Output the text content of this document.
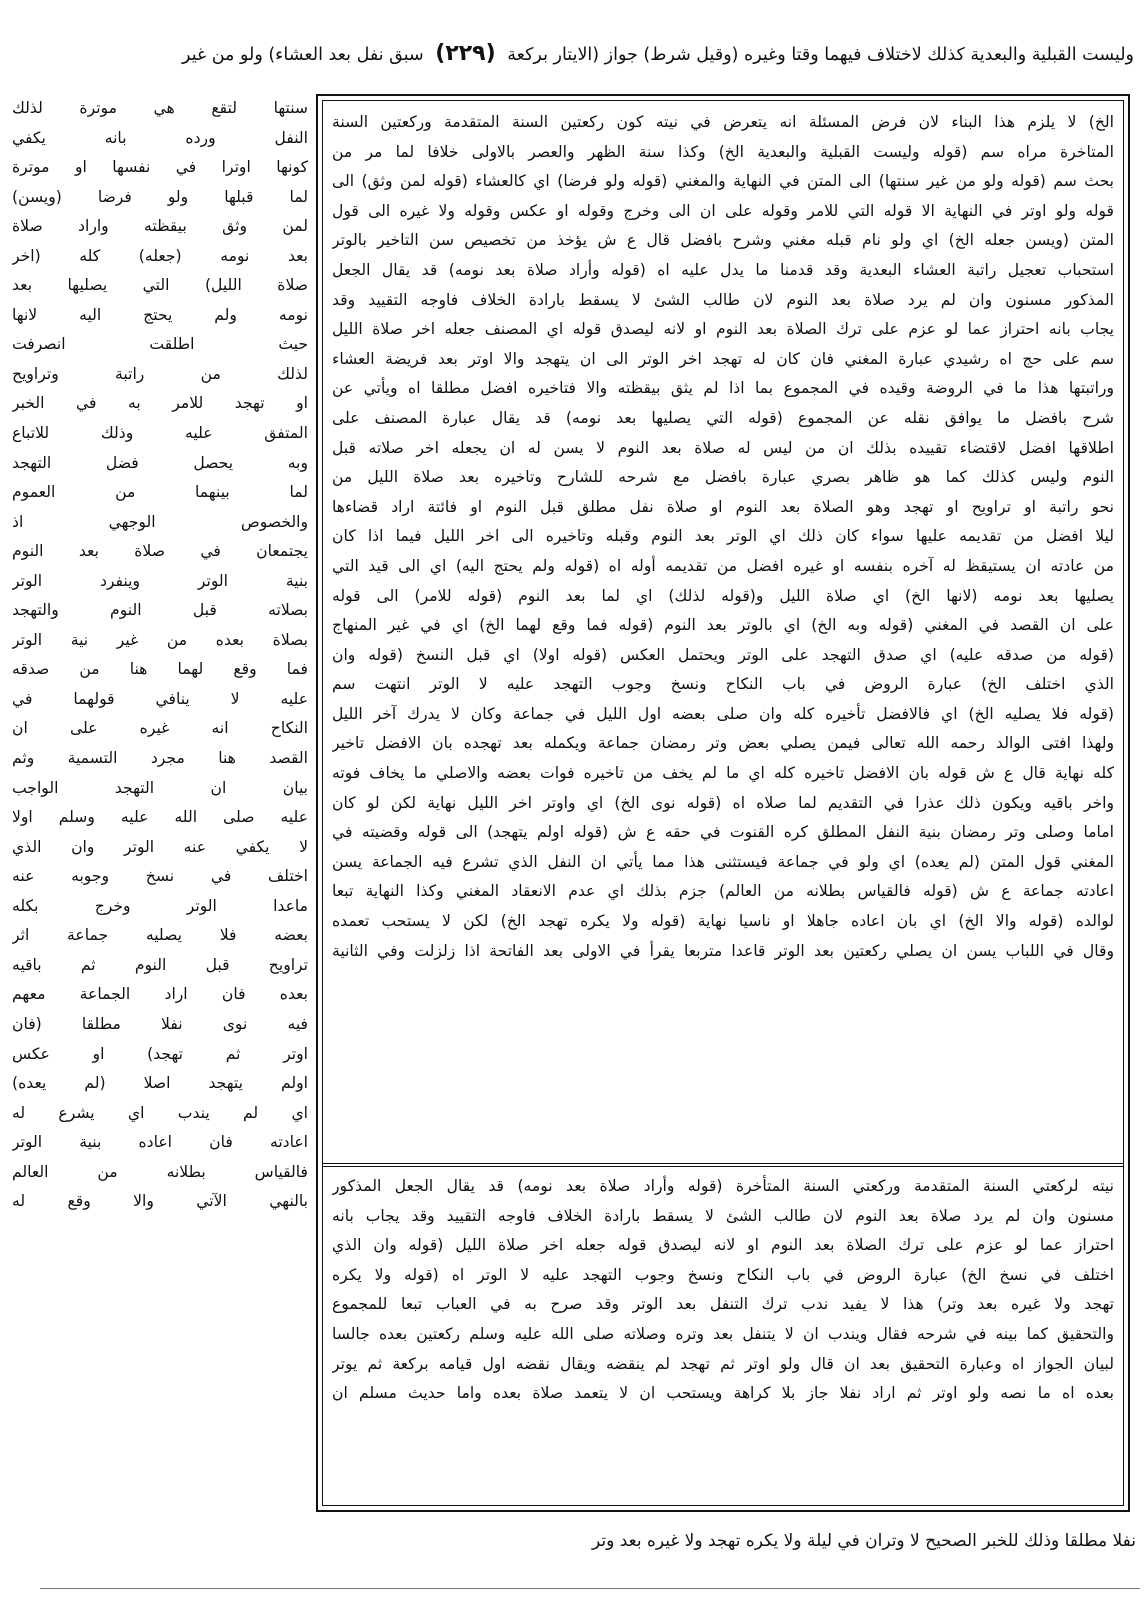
وليست القبلية والبعدية كذلك لاختلاف فيهما وقتا وغيره (وقيل شرط) جواز (الايتار بركعة (٢٢٩) سبق نفل بعد العشاء) ولو من غير
الخ) لا يلزم هذا البناء لان فرض المسئلة انه يتعرض في نيته كون ركعتين السنة المتقدمة وركعتين السنة
المتاخرة مراه سم (قوله وليست القبلية والبعدية الخ) وكذا سنة الظهر والعصر بالاولى خلافا لما مر من
بحث سم (قوله ولو من غير سنتها) الى المتن في النهاية والمغني (قوله ولو فرضا) اي كالعشاء (قوله لمن وثق) الى
قوله ولو اوتر في النهاية الا قوله التي للامر وقوله على ان الى وخرج وقوله او عكس وقوله ولا غيره الى قول
المتن (ويسن جعله الخ) اي ولو نام قبله مغني وشرح بافضل قال ع ش يؤخذ من تخصيص سن التاخير بالوتر
استحباب تعجيل راتبة العشاء البعدية وقد قدمنا ما يدل عليه اه (قوله وأراد صلاة بعد نومه) قد يقال الجعل
المذكور مسنون وان لم يرد صلاة بعد النوم لان طالب الشئ لا يسقط بارادة الخلاف فاوجه التقييد وقد
يجاب بانه احتراز عما لو عزم على ترك الصلاة بعد النوم او لانه ليصدق قوله اي المصنف جعله اخر صلاة الليل
سم على حج اه رشيدي عبارة المغني فان كان له تهجد اخر الوتر الى ان يتهجد والا اوتر بعد فريضة العشاء
وراتبتها هذا ما في الروضة وقيده في المجموع بما اذا لم يثق بيقظته والا فتاخيره افضل مطلقا اه ويأتي عن
شرح بافضل ما يوافق نقله عن المجموع (قوله التي يصليها بعد نومه) قد يقال عبارة المصنف على
اطلاقها افضل لاقتضاء تقييده بذلك ان من ليس له صلاة بعد النوم لا يسن له ان يجعله اخر صلاته قبل
النوم وليس كذلك كما هو ظاهر بصري عبارة بافضل مع شرحه للشارح وتاخيره بعد صلاة الليل من
نحو راتبة او تراويح او تهجد وهو الصلاة بعد النوم او صلاة نفل مطلق قبل النوم او فائتة اراد قضاءها
ليلا افضل من تقديمه عليها سواء كان ذلك اي الوتر بعد النوم وقبله وتاخيره الى اخر الليل فيما اذا كان
من عادته ان يستيقظ له آخره بنفسه او غيره افضل من تقديمه أوله اه (قوله ولم يحتج اليه) اي الى قيد التي
يصليها بعد نومه (لانها الخ) اي صلاة الليل و(قوله لذلك) اي لما بعد النوم (قوله للامر) الى قوله
على ان القصد في المغني (قوله وبه الخ) اي بالوتر بعد النوم (قوله فما وقع لهما الخ) اي في غير المنهاج
(قوله من صدقه عليه) اي صدق التهجد على الوتر ويحتمل العكس (قوله اولا) اي قبل النسخ (قوله وان
الذي اختلف الخ) عبارة الروض في باب النكاح ونسخ وجوب التهجد عليه لا الوتر انتهت سم
(قوله فلا يصليه الخ) اي فالافضل تأخيره كله وان صلى بعضه اول الليل في جماعة وكان لا يدرك آخر الليل
ولهذا افتى الوالد رحمه الله تعالى فيمن يصلي بعض وتر رمضان جماعة ويكمله بعد تهجده بان الافضل تاخير
كله نهاية قال ع ش قوله بان الافضل تاخيره كله اي ما لم يخف من تاخيره فوات بعضه والاصلي ما يخاف فوته
واخر باقيه ويكون ذلك عذرا في التقديم لما صلاه اه (قوله نوى الخ) اي واوتر اخر الليل نهاية لكن لو كان
اماما وصلى وتر رمضان بنية النفل المطلق كره القنوت في حقه ع ش (قوله اولم يتهجد) الى قوله وقضيته في
المغني قول المتن (لم يعده) اي ولو في جماعة فيستثنى هذا مما يأتي ان النفل الذي تشرع فيه الجماعة يسن
اعادته جماعة ع ش (قوله فالقياس بطلانه من العالم) جزم بذلك اي عدم الانعقاد المغني وكذا النهاية تبعا
لوالده (قوله والا الخ) اي بان اعاده جاهلا او ناسيا نهاية (قوله ولا يكره تهجد الخ) لكن لا يستحب تعمده
وقال في اللباب يسن ان يصلي ركعتين بعد الوتر قاعدا متربعا يقرأ في الاولى بعد الفاتحة اذا زلزلت وفي الثانية
نيته لركعتي السنة المتقدمة وركعتي السنة المتأخرة (قوله وأراد صلاة بعد نومه) قد يقال الجعل المذكور
مسنون وان لم يرد صلاة بعد النوم لان طالب الشئ لا يسقط بارادة الخلاف فاوجه التقييد وقد يجاب بانه
احتراز عما لو عزم على ترك الصلاة بعد النوم او لانه ليصدق قوله جعله اخر صلاة الليل (قوله وان الذي
اختلف في نسخ الخ) عبارة الروض في باب النكاح ونسخ وجوب التهجد عليه لا الوتر اه (قوله ولا يكره
تهجد ولا غيره بعد وتر) هذا لا يفيد ندب ترك التنفل بعد الوتر وقد صرح به في العباب تبعا للمجموع
والتحقيق كما بينه في شرحه فقال ويندب ان لا يتنفل بعد وتره وصلاته صلى الله عليه وسلم ركعتين بعده جالسا
لبيان الجواز اه وعبارة التحقيق بعد ان قال ولو اوتر ثم تهجد لم ينقضه ويقال نقضه اول قيامه بركعة ثم يوتر
بعده اه ما نصه ولو اوتر ثم اراد نفلا جاز بلا كراهة ويستحب ان لا يتعمد صلاة بعده واما حديث مسلم ان
سنتها لتقع هي موترة لذلك
النفل ورده بانه يكفي
كونها اوترا في نفسها او موترة
لما قبلها ولو فرضا (ويسن)
لمن وثق بيقظته واراد صلاة
بعد نومه (جعله) كله (اخر
صلاة الليل) التي يصليها بعد
نومه ولم يحتج اليه لانها
حيث اطلقت انصرفت
لذلك من راتبة وتراويح
او تهجد للامر به في الخبر
المتفق عليه وذلك للاتباع
وبه يحصل فضل التهجد
لما بينهما من العموم
والخصوص الوجهي اذ
يجتمعان في صلاة بعد النوم
بنية الوتر وينفرد الوتر
بصلاته قبل النوم والتهجد
بصلاة بعده من غير نية الوتر
فما وقع لهما هنا من صدقه
عليه لا ينافي قولهما في
النكاح انه غيره على ان
القصد هنا مجرد التسمية وثم
بيان ان التهجد الواجب
عليه صلى الله عليه وسلم اولا
لا يكفي عنه الوتر وان الذي
اختلف في نسخ وجوبه عنه
ماعدا الوتر وخرج بكله
بعضه فلا يصليه جماعة اثر
تراويح قبل النوم ثم باقيه
بعده فان اراد الجماعة معهم
فيه نوى نفلا مطلقا (فان
اوتر ثم تهجد) او عكس
اولم يتهجد اصلا (لم يعده)
اي لم يندب اي يشرع له
اعادته فان اعاده بنية الوتر
فالقياس بطلانه من العالم
بالنهي الآتي والا وقع له
نفلا مطلقا وذلك للخبر الصحيح لا وتران في ليلة ولا يكره تهجد ولا غيره بعد وتر
